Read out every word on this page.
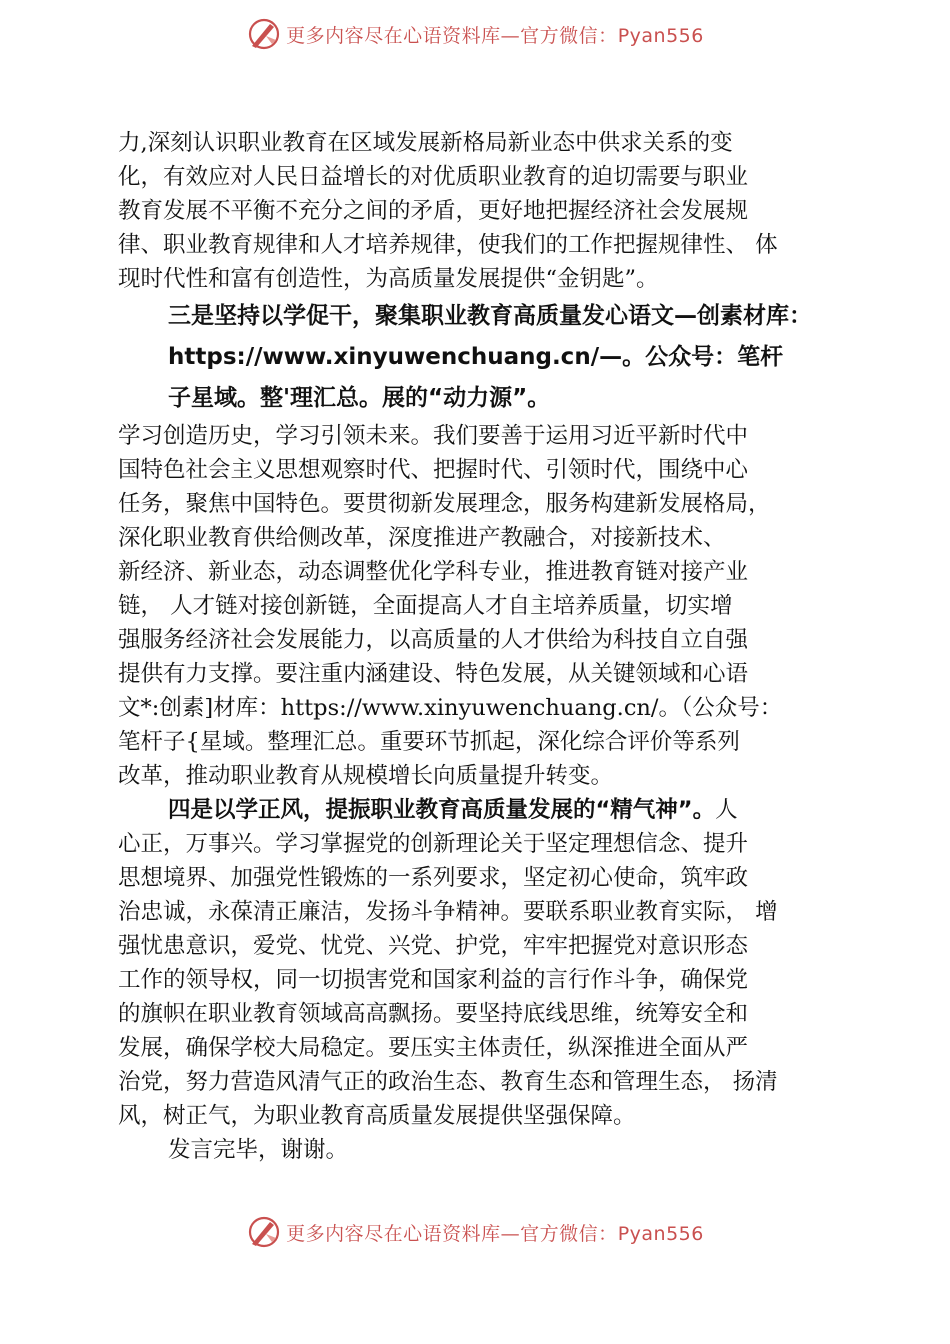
更多内容尽在心语资料库—官方微信：Pyan556
力,深刻认识职业教育在区域发展新格局新业态中供求关系的变
化，有效应对人民日益增长的对优质职业教育的迫切需要与职业
教育发展不平衡不充分之间的矛盾，更好地把握经济社会发展规
律、职业教育规律和人才培养规律，使我们的工作把握规律性、 体
现时代性和富有创造性，为高质量发展提供“金钥匙”。
三是坚持以学促干，聚集职业教育高质量发心语文—创素材库：
https://www.xinyuwenchuang.cn/—。公众号：笔杆
子星域。整'理汇总。展的“动力源”。
学习创造历史，学习引领未来。我们要善于运用习近平新时代中
国特色社会主义思想观察时代、把握时代、引领时代，围绕中心
任务，聚焦中国特色。要贯彻新发展理念，服务构建新发展格局，
深化职业教育供给侧改革，深度推进产教融合，对接新技术、
新经济、新业态，动态调整优化学科专业，推进教育链对接产业
链， 人才链对接创新链，全面提高人才自主培养质量，切实增
强服务经济社会发展能力，以高质量的人才供给为科技自立自强
提供有力支撑。要注重内涵建设、特色发展，从关键领域和心语
文*:创素]材库：https://www.xinyuwenchuang.cn/。（公众号：
笔杆子{星域。整理汇总。重要环节抓起，深化综合评价等系列
改革，推动职业教育从规模增长向质量提升转变。
四是以学正风，提振职业教育高质量发展的“精气神”。人
心正，万事兴。学习掌握党的创新理论关于坚定理想信念、提升
思想境界、加强党性锻炼的一系列要求，坚定初心使命，筑牢政
治忠诚，永葆清正廉洁，发扬斗争精神。要联系职业教育实际， 增
强忧患意识，爱党、忧党、兴党、护党，牢牢把握党对意识形态
工作的领导权，同一切损害党和国家利益的言行作斗争，确保党
的旗帜在职业教育领域高高飘扬。要坚持底线思维，统筹安全和
发展，确保学校大局稳定。要压实主体责任，纵深推进全面从严
治党，努力营造风清气正的政治生态、教育生态和管理生态， 扬清
风，树正气，为职业教育高质量发展提供坚强保障。
发言完毕，谢谢。
更多内容尽在心语资料库—官方微信：Pyan556
